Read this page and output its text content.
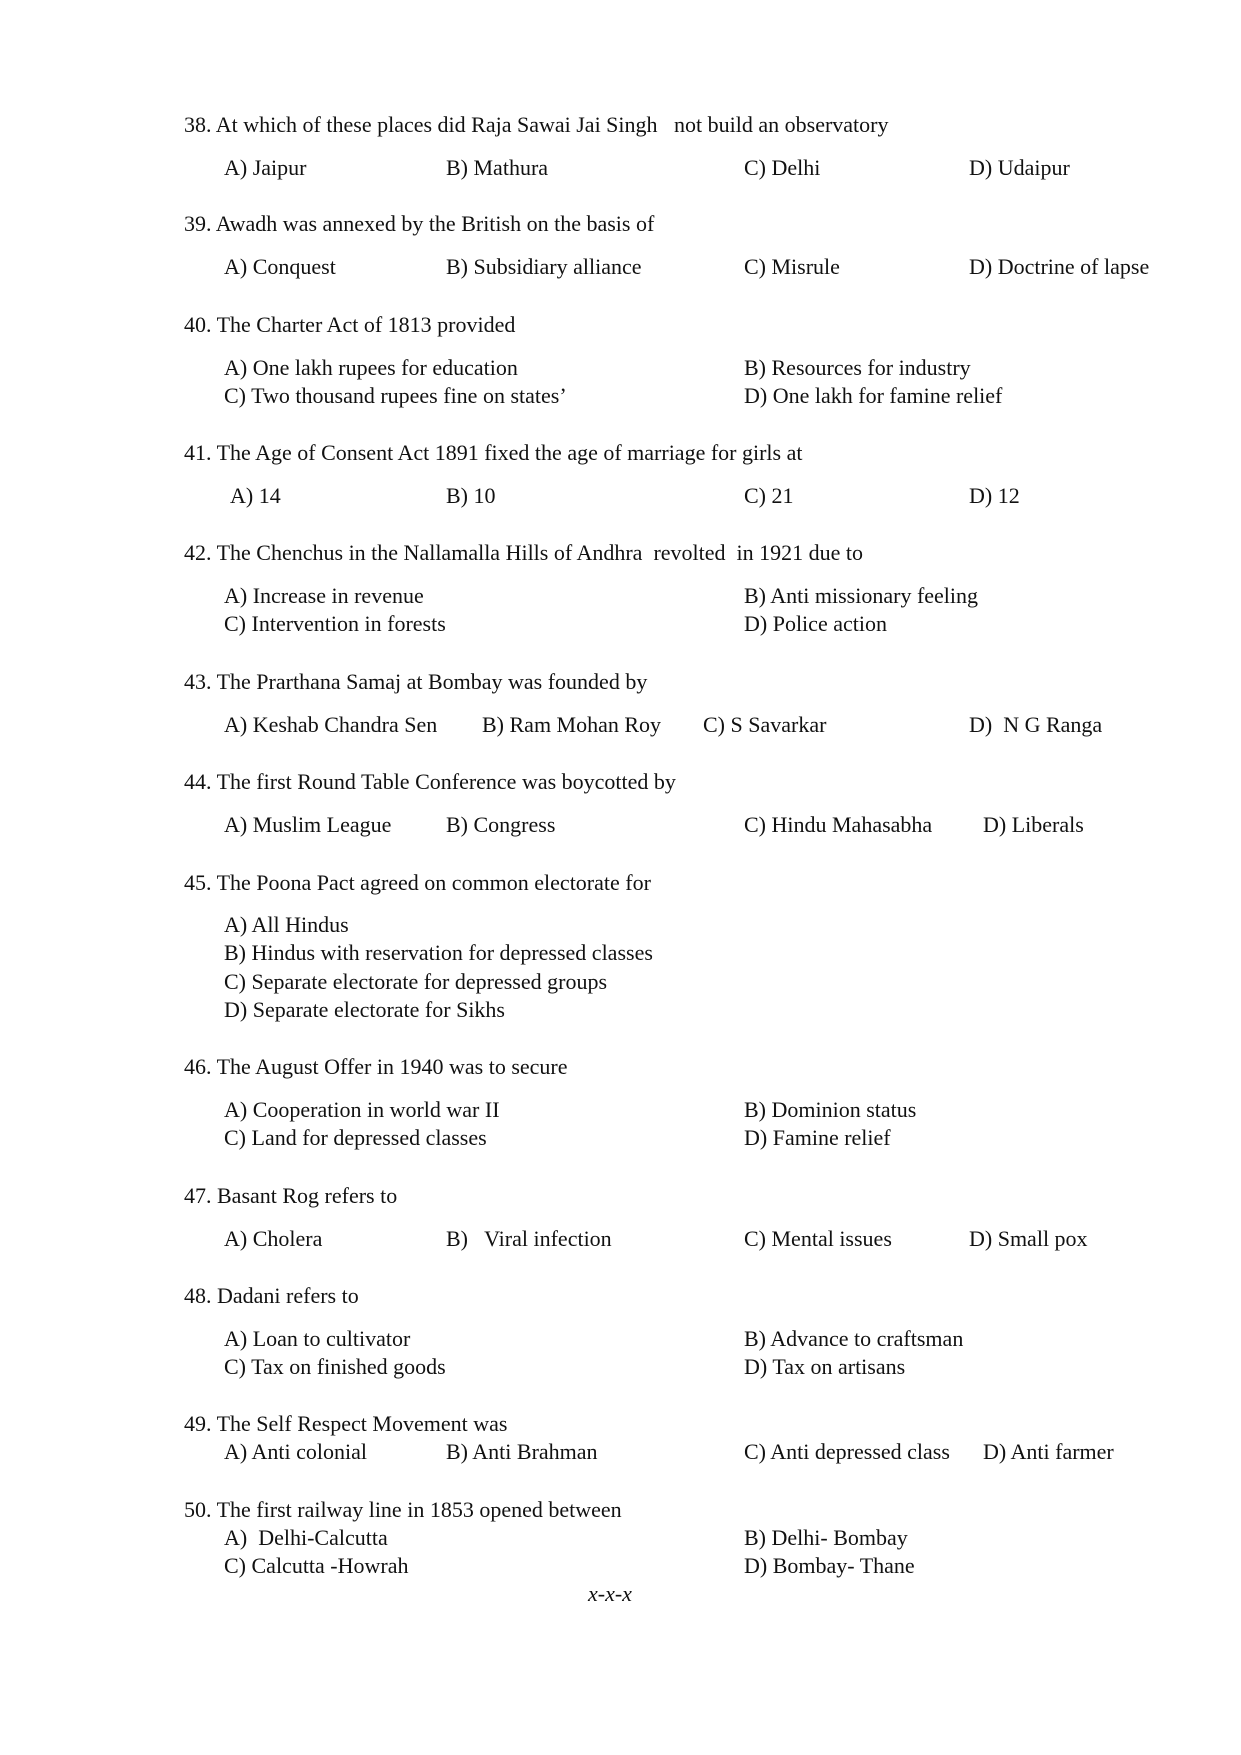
38. At which of these places did Raja Sawai Jai Singh   not build an observatory
A) Jaipur	B) Mathura	C) Delhi	D) Udaipur
39. Awadh was annexed by the British on the basis of
A) Conquest	B) Subsidiary alliance	C) Misrule	D) Doctrine of lapse
40. The Charter Act of 1813 provided
A) One lakh rupees for education	B) Resources for industry
C) Two thousand rupees fine on states’	D) One lakh for famine relief
41. The Age of Consent Act 1891 fixed the age of marriage for girls at
A) 14	B) 10	C) 21	D) 12
42. The Chenchus in the Nallamalla Hills of Andhra  revolted  in 1921 due to
A) Increase in revenue	B) Anti missionary feeling
C) Intervention in forests	D) Police action
43. The Prarthana Samaj at Bombay was founded by
A) Keshab Chandra Sen B) Ram Mohan Roy C) S Savarkar	D)  N G Ranga
44. The first Round Table Conference was boycotted by
A) Muslim League B) Congress	C) Hindu Mahasabha D) Liberals
45. The Poona Pact agreed on common electorate for
A) All Hindus
B) Hindus with reservation for depressed classes
C) Separate electorate for depressed groups
D) Separate electorate for Sikhs
46. The August Offer in 1940 was to secure
A) Cooperation in world war II	B) Dominion status
C) Land for depressed classes	D) Famine relief
47. Basant Rog refers to
A) Cholera	B)   Viral infection	C) Mental issues	D) Small pox
48. Dadani refers to
A) Loan to cultivator	B) Advance to craftsman
C) Tax on finished goods	D) Tax on artisans
49. The Self Respect Movement was
A) Anti colonial	B) Anti Brahman	C) Anti depressed class D) Anti farmer
50. The first railway line in 1853 opened between
A)  Delhi-Calcutta	B) Delhi- Bombay
C) Calcutta -Howrah	D) Bombay- Thane
x-x-x
